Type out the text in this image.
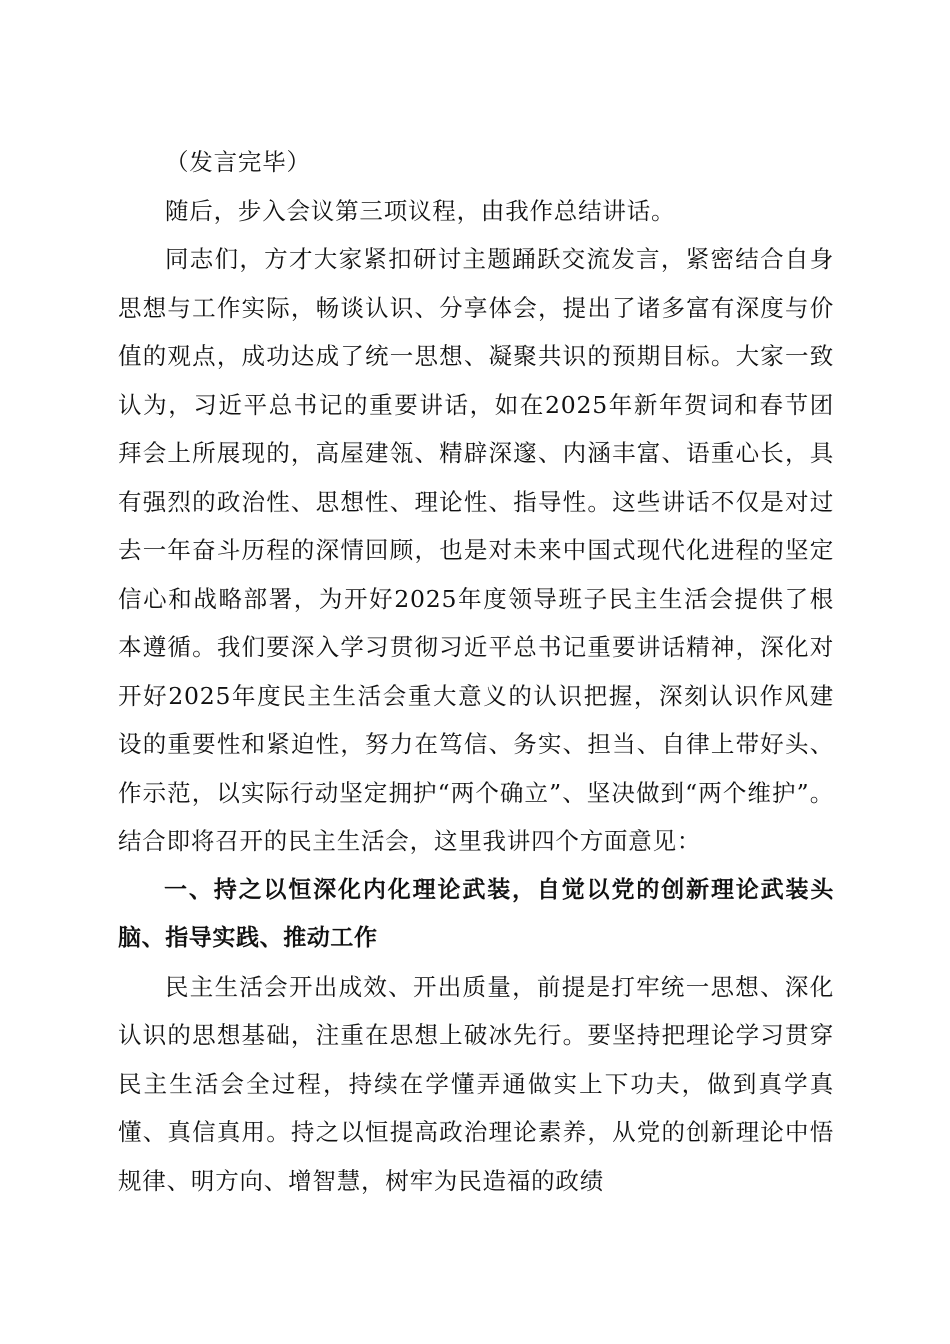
（发言完毕）

随后，步入会议第三项议程，由我作总结讲话。

同志们，方才大家紧扣研讨主题踊跃交流发言，紧密结合自身思想与工作实际，畅谈认识、分享体会，提出了诸多富有深度与价值的观点，成功达成了统一思想、凝聚共识的预期目标。大家一致认为，习近平总书记的重要讲话，如在2025年新年贺词和春节团拜会上所展现的，高屋建瓴、精辟深邃、内涵丰富、语重心长，具有强烈的政治性、思想性、理论性、指导性。这些讲话不仅是对过去一年奋斗历程的深情回顾，也是对未来中国式现代化进程的坚定信心和战略部署，为开好2025年度领导班子民主生活会提供了根本遵循。我们要深入学习贯彻习近平总书记重要讲话精神，深化对开好2025年度民主生活会重大意义的认识把握，深刻认识作风建设的重要性和紧迫性，努力在笃信、务实、担当、自律上带好头、作示范，以实际行动坚定拥护“两个确立”、坚决做到“两个维护”。结合即将召开的民主生活会，这里我讲四个方面意见：

一、持之以恒深化内化理论武装，自觉以党的创新理论武装头脑、指导实践、推动工作

民主生活会开出成效、开出质量，前提是打牢统一思想、深化认识的思想基础，注重在思想上破冰先行。要坚持把理论学习贯穿民主生活会全过程，持续在学懂弄通做实上下功夫，做到真学真懂、真信真用。持之以恒提高政治理论素养，从党的创新理论中悟规律、明方向、增智慧，树牢为民造福的政绩
